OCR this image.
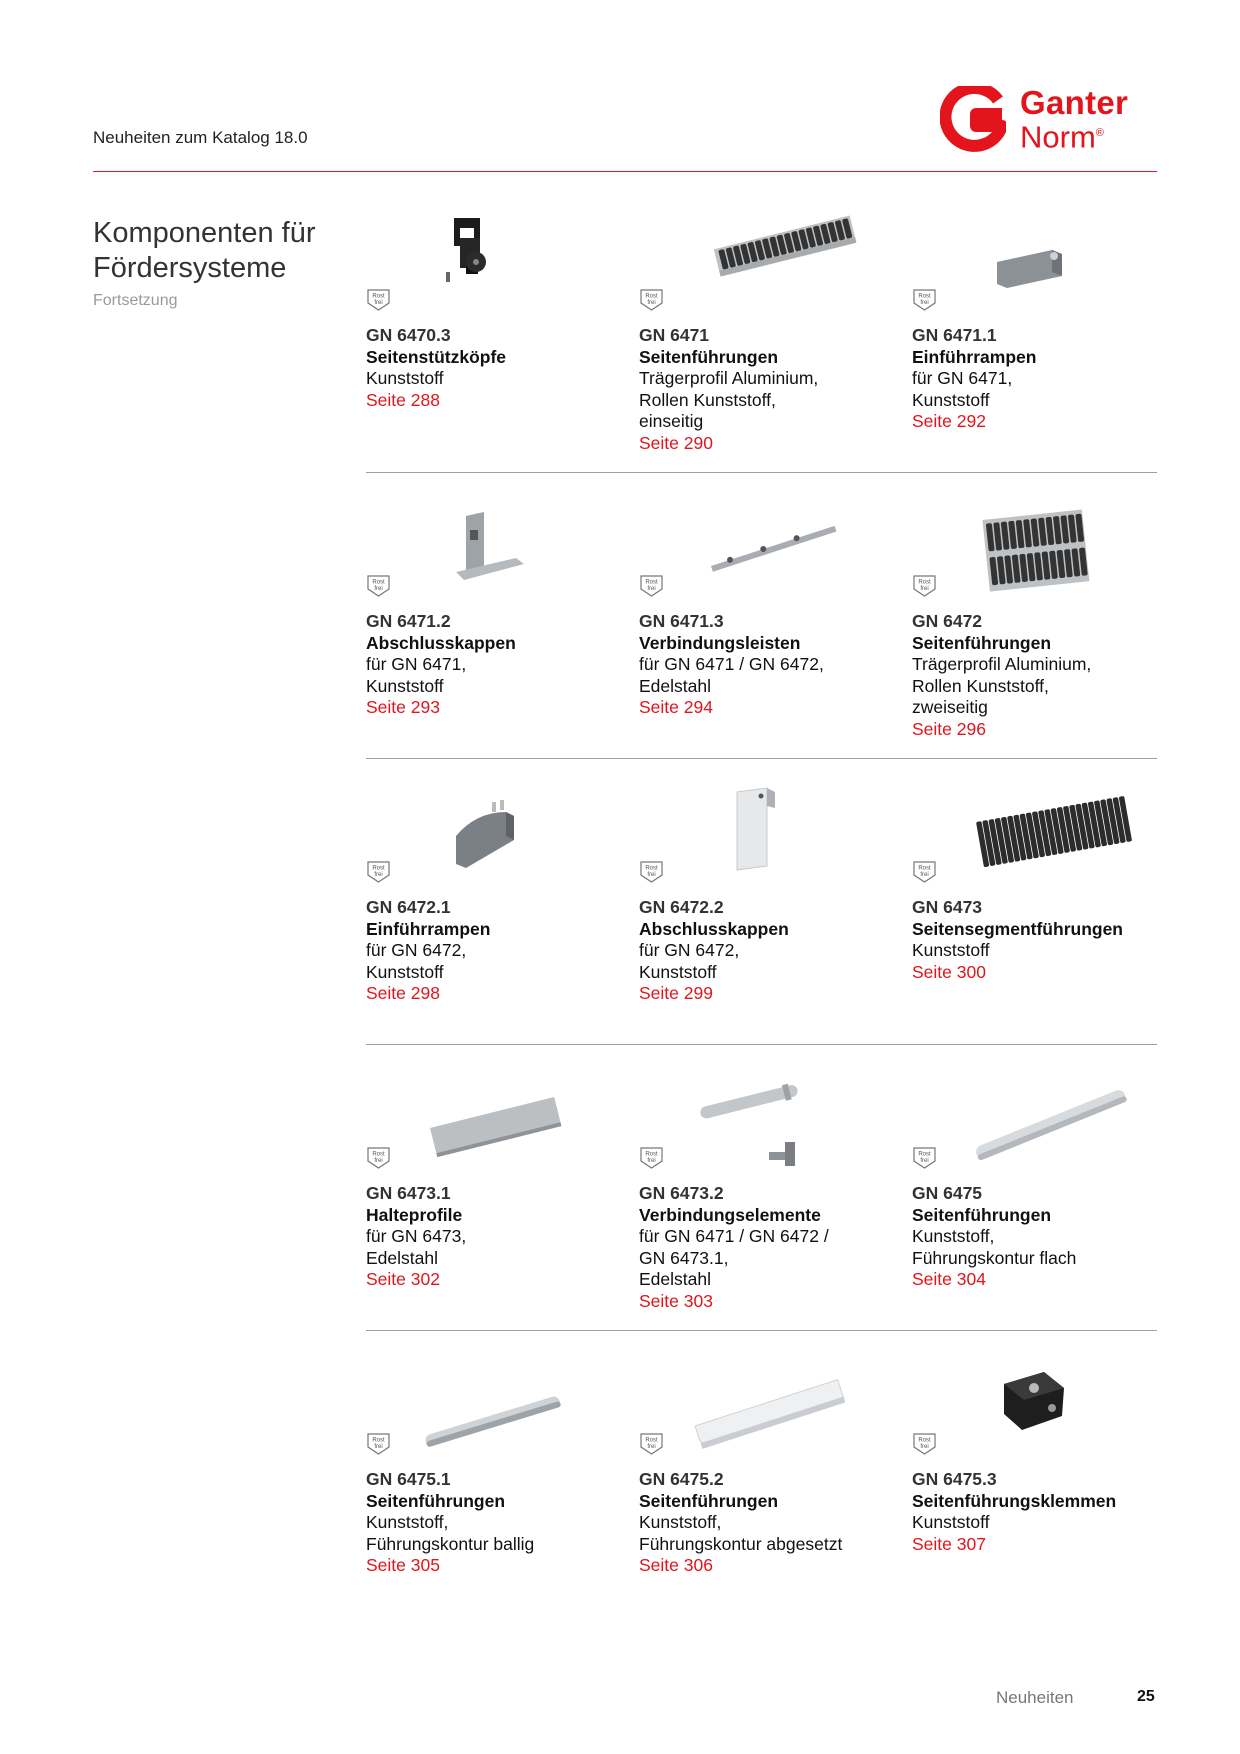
Neuheiten zum Katalog 18.0
Ganter
Norm®
Komponenten für
Fördersysteme
Fortsetzung	Rost
frei
GN 6470.3
Seitenstützköpfe
Kunststoff
Seite 288
Rost
frei
GN 6471
Seitenführungen
Trägerprofil Aluminium,
Rollen Kunststoff,
einseitig
Seite 290
Rost
frei
GN 6471.1
Einführrampen
für GN 6471,
Kunststoff
Seite 292
Rost
frei
GN 6471.2
Abschlusskappen
für GN 6471,
Kunststoff
Seite 293
Rost
frei
GN 6471.3
Verbindungsleisten
für GN 6471 / GN 6472,
Edelstahl
Seite 294
Rost
frei
GN 6472
Seitenführungen
Trägerprofil Aluminium,
Rollen Kunststoff,
zweiseitig
Seite 296
Rost
frei
GN 6472.1
Einführrampen
für GN 6472,
Kunststoff
Seite 298
Rost
frei
GN 6472.2
Abschlusskappen
für GN 6472,
Kunststoff
Seite 299
Rost
frei
GN 6473
Seitensegmentführungen
Kunststoff
Seite 300
Rost
frei
GN 6473.1
Halteprofile
für GN 6473,
Edelstahl
Seite 302
Rost
frei
GN 6473.2
Verbindungselemente
für GN 6471 / GN 6472 /
GN 6473.1,
Edelstahl
Seite 303
Rost
frei
GN 6475
Seitenführungen
Kunststoff,
Führungskontur flach
Seite 304
Rost
frei
GN 6475.1
Seitenführungen
Kunststoff,
Führungskontur ballig
Seite 305
Rost
frei
GN 6475.2
Seitenführungen
Kunststoff,
Führungskontur abgesetzt
Seite 306
Rost
frei
GN 6475.3
Seitenführungsklemmen
Kunststoff
Seite 307
Neuheiten	25
